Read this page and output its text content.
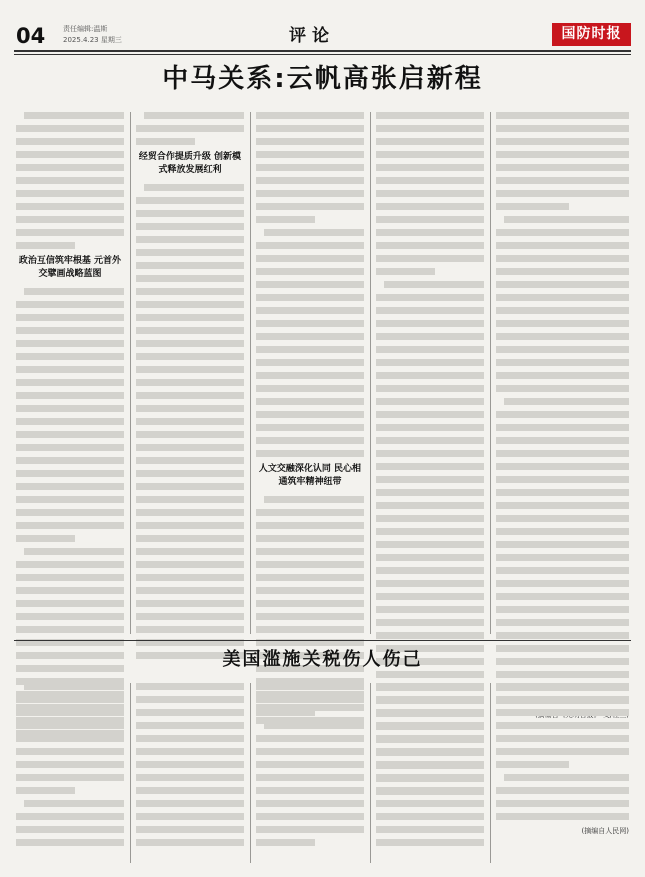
04	责任编辑:温斯
2025.4.23 星期三	评论	国防时报
中马关系:云帆高张启新程
政治互信筑牢根基 元首外交擘画战略蓝图
经贸合作提质升级 创新模式释放发展红利
人文交融深化认同 民心相通筑牢精神纽带
美国滥施关税伤人伤己
(摘编自人民网)
